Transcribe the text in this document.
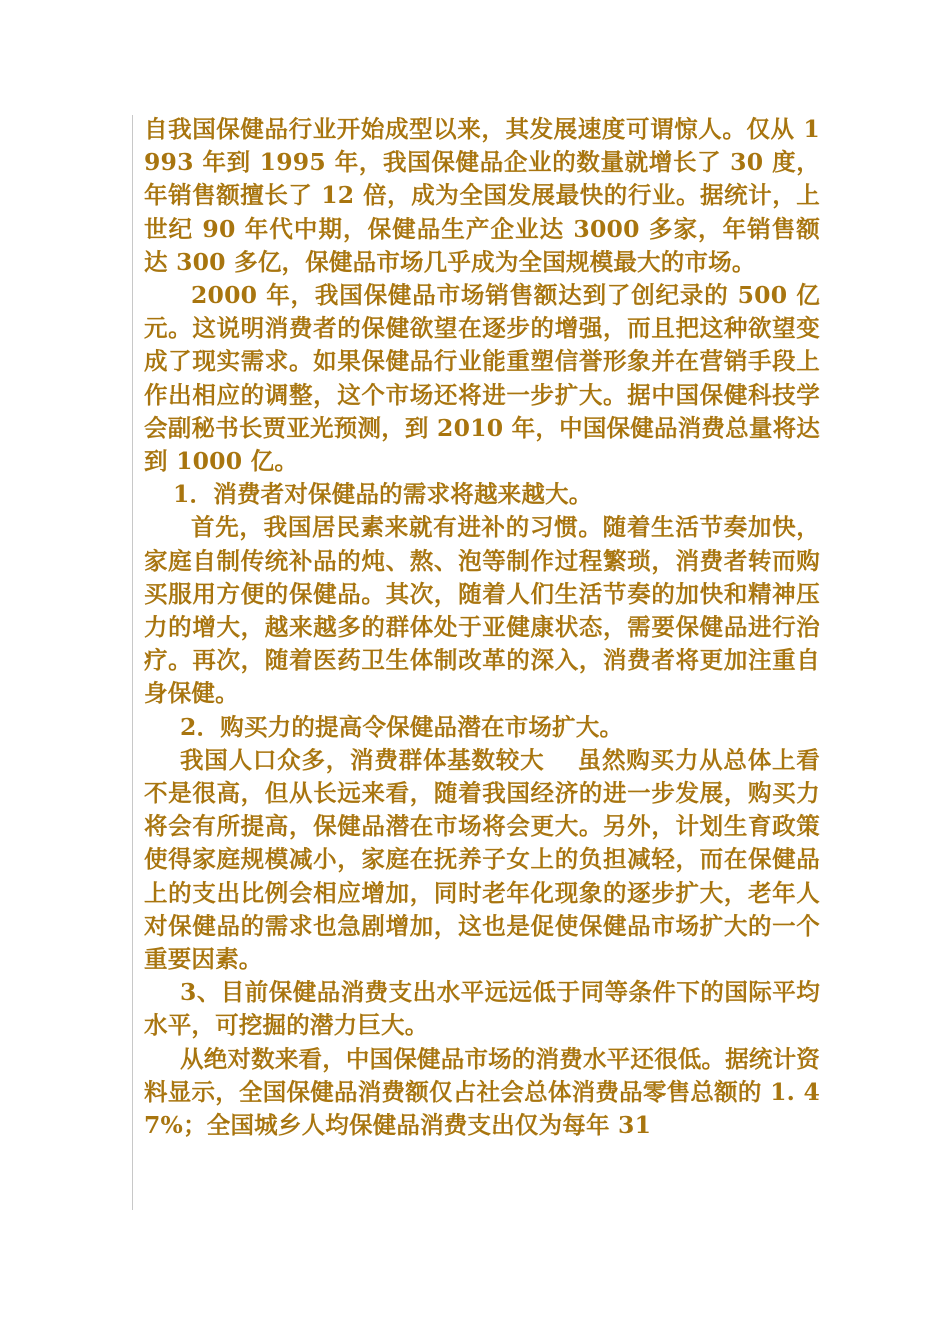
自我国保健品行业开始成型以来，其发展速度可谓惊人。仅从 1993 年到 1995 年，我国保健品企业的数量就增长了 30 度，年销售额擅长了 12 倍，成为全国发展最快的行业。据统计，上世纪 90 年代中期，保健品生产企业达 3000 多家，年销售额达 300 多亿，保健品市场几乎成为全国规模最大的市场。

2000 年，我国保健品市场销售额达到了创纪录的 500 亿元。这说明消费者的保健欲望在逐步的增强，而且把这种欲望变成了现实需求。如果保健品行业能重塑信誉形象并在营销手段上作出相应的调整，这个市场还将进一步扩大。据中国保健科技学会副秘书长贾亚光预测，到 2010 年，中国保健品消费总量将达到 1000 亿。

1．消费者对保健品的需求将越来越大。

首先，我国居民素来就有进补的习惯。随着生活节奏加快，家庭自制传统补品的炖、熬、泡等制作过程繁琐，消费者转而购买服用方便的保健品。其次，随着人们生活节奏的加快和精神压力的增大，越来越多的群体处于亚健康状态，需要保健品进行治疗。再次，随着医药卫生体制改革的深入，消费者将更加注重自身保健。

2．购买力的提高令保健品潜在市场扩大。

我国人口众多，消费群体基数较大　 虽然购买力从总体上看不是很高，但从长远来看，随着我国经济的进一步发展，购买力将会有所提高，保健品潜在市场将会更大。另外，计划生育政策使得家庭规模减小，家庭在抚养子女上的负担减轻，而在保健品上的支出比例会相应增加，同时老年化现象的逐步扩大，老年人对保健品的需求也急剧增加，这也是促使保健品市场扩大的一个重要因素。

3、目前保健品消费支出水平远远低于同等条件下的国际平均水平，可挖掘的潜力巨大。

从绝对数来看，中国保健品市场的消费水平还很低。据统计资料显示，全国保健品消费额仅占社会总体消费品零售总额的 1. 47%；全国城乡人均保健品消费支出仅为每年 31
